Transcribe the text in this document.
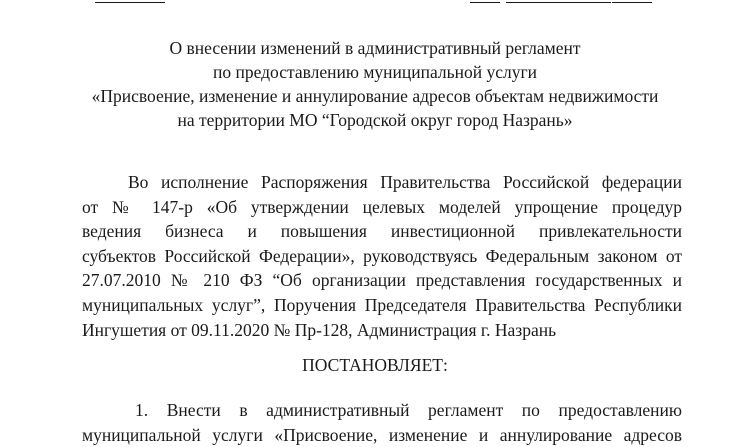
О внесении изменений в административный регламент
по предоставлению муниципальной услуги
«Присвоение, изменение и аннулирование адресов объектам недвижимости
на территории МО “Городской округ город Назрань»
Во исполнение Распоряжения Правительства Российской федерации
от № 147-р «Об утверждении целевых моделей упрощение процедур
ведения бизнеса и повышения инвестиционной привлекательности
субъектов Российской Федерации», руководствуясь Федеральным законом от
27.07.2010 № 210 ФЗ “Об организации представления государственных и
муниципальных услуг”, Поручения Председателя Правительства Республики
Ингушетия от 09.11.2020 № Пр-128, Администрация г. Назрань
ПОСТАНОВЛЯЕТ:
1. Внести в административный регламент по предоставлению
муниципальной услуги «Присвоение, изменение и аннулирование адресов
